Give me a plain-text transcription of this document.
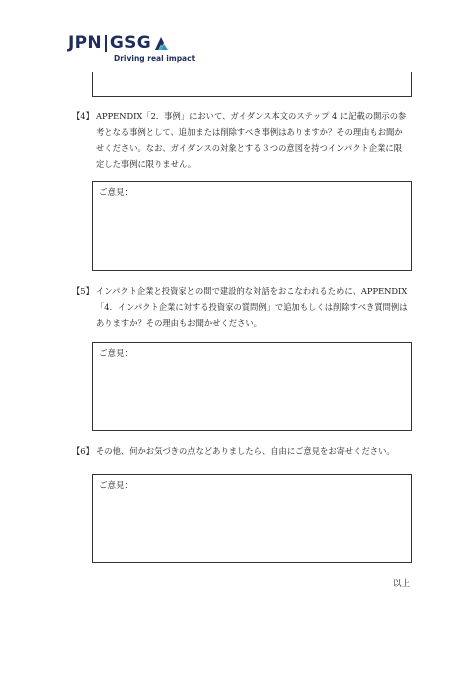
JPN GSG
Driving real impact
【4】 APPENDIX「2．事例」において、ガイダンス本文のステップ 4 に記載の開示の参
考となる事例として、追加または削除すべき事例はありますか？その理由もお聞か
せください。なお、ガイダンスの対象とする３つの意図を持つインパクト企業に限
定した事例に限りません。
ご意見：
【5】 インパクト企業と投資家との間で建設的な対話をおこなわれるために、APPENDIX
「4．インパクト企業に対する投資家の質問例」で追加もしくは削除すべき質問例は
ありますか？その理由もお聞かせください。
ご意見：
【6】 その他、何かお気づきの点などありましたら、自由にご意見をお寄せください。
ご意見：
以上
